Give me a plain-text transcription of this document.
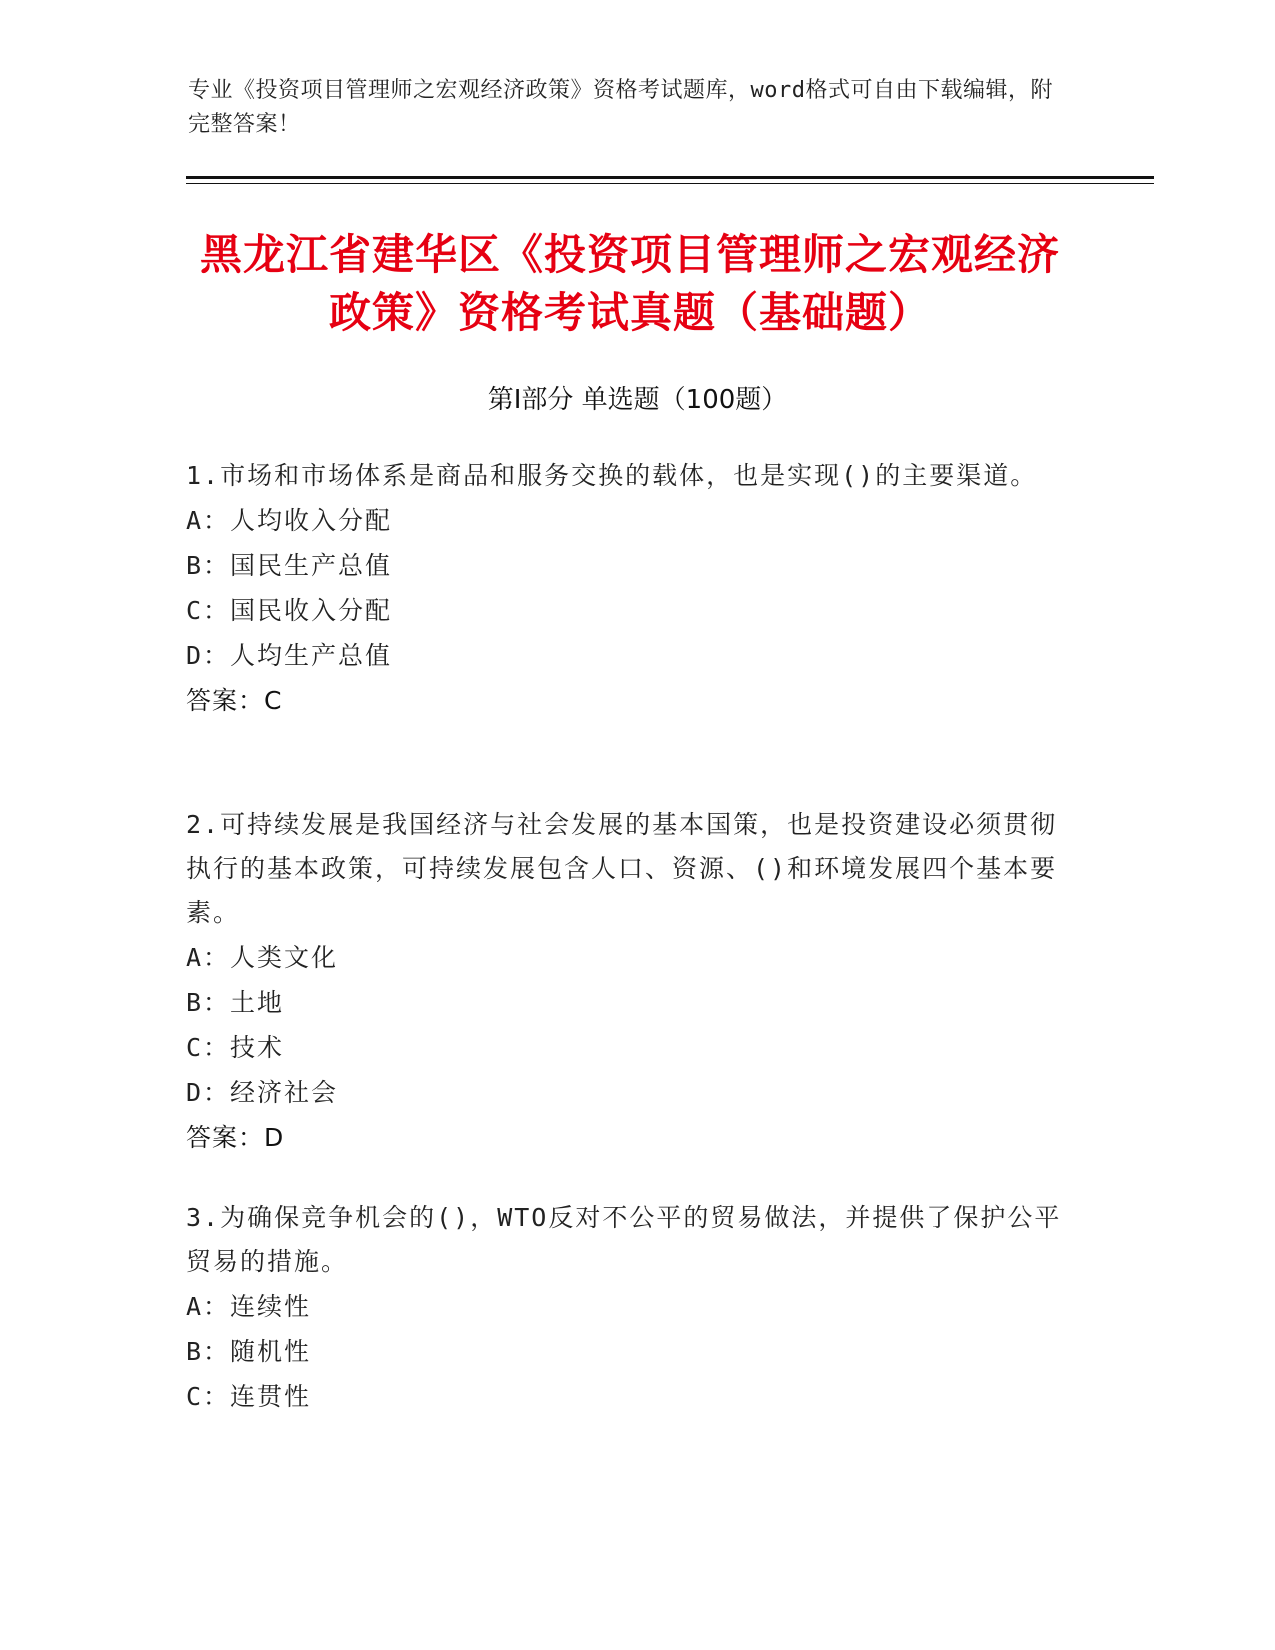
专业《投资项目管理师之宏观经济政策》资格考试题库，word格式可自由下载编辑，附完整答案！
黑龙江省建华区《投资项目管理师之宏观经济政策》资格考试真题（基础题）
第Ⅰ部分 单选题（100题）
1.市场和市场体系是商品和服务交换的载体，也是实现()的主要渠道。
A：人均收入分配
B：国民生产总值
C：国民收入分配
D：人均生产总值
答案：C
2.可持续发展是我国经济与社会发展的基本国策，也是投资建设必须贯彻执行的基本政策，可持续发展包含人口、资源、()和环境发展四个基本要素。
A：人类文化
B：土地
C：技术
D：经济社会
答案：D
3.为确保竞争机会的()，WTO反对不公平的贸易做法，并提供了保护公平贸易的措施。
A：连续性
B：随机性
C：连贯性
